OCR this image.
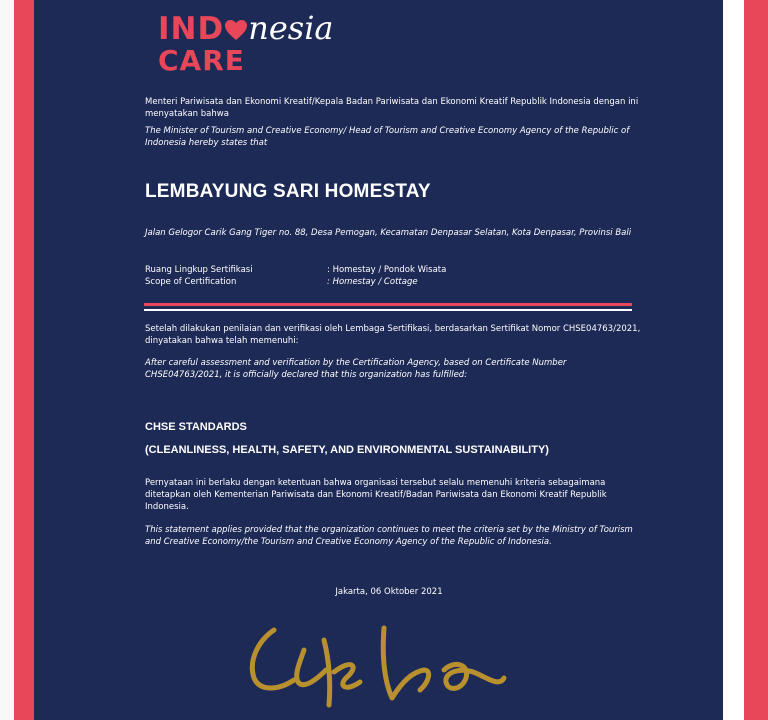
IND nesia
CARE
Menteri Pariwisata dan Ekonomi Kreatif/Kepala Badan Pariwisata dan Ekonomi Kreatif Republik Indonesia dengan ini menyatakan bahwa
The Minister of Tourism and Creative Economy/ Head of Tourism and Creative Economy Agency of the Republic of Indonesia hereby states that
LEMBAYUNG SARI HOMESTAY
Jalan Gelogor Carik Gang Tiger no. 88, Desa Pemogan, Kecamatan Denpasar Selatan, Kota Denpasar, Provinsi Bali
Ruang Lingkup Sertifikasi	: Homestay / Pondok Wisata
Scope of Certification	: Homestay / Cottage
Setelah dilakukan penilaian dan verifikasi oleh Lembaga Sertifikasi, berdasarkan Sertifikat Nomor CHSE04763/2021, dinyatakan bahwa telah memenuhi:
After careful assessment and verification by the Certification Agency, based on Certificate Number CHSE04763/2021, it is officially declared that this organization has fulfilled:
CHSE STANDARDS
(CLEANLINESS, HEALTH, SAFETY, AND ENVIRONMENTAL SUSTAINABILITY)
Pernyataan ini berlaku dengan ketentuan bahwa organisasi tersebut selalu memenuhi kriteria sebagaimana ditetapkan oleh Kementerian Pariwisata dan Ekonomi Kreatif/Badan Pariwisata dan Ekonomi Kreatif Republik Indonesia.
This statement applies provided that the organization continues to meet the criteria set by the Ministry of Tourism and Creative Economy/the Tourism and Creative Economy Agency of the Republic of Indonesia.
Jakarta, 06 Oktober 2021
